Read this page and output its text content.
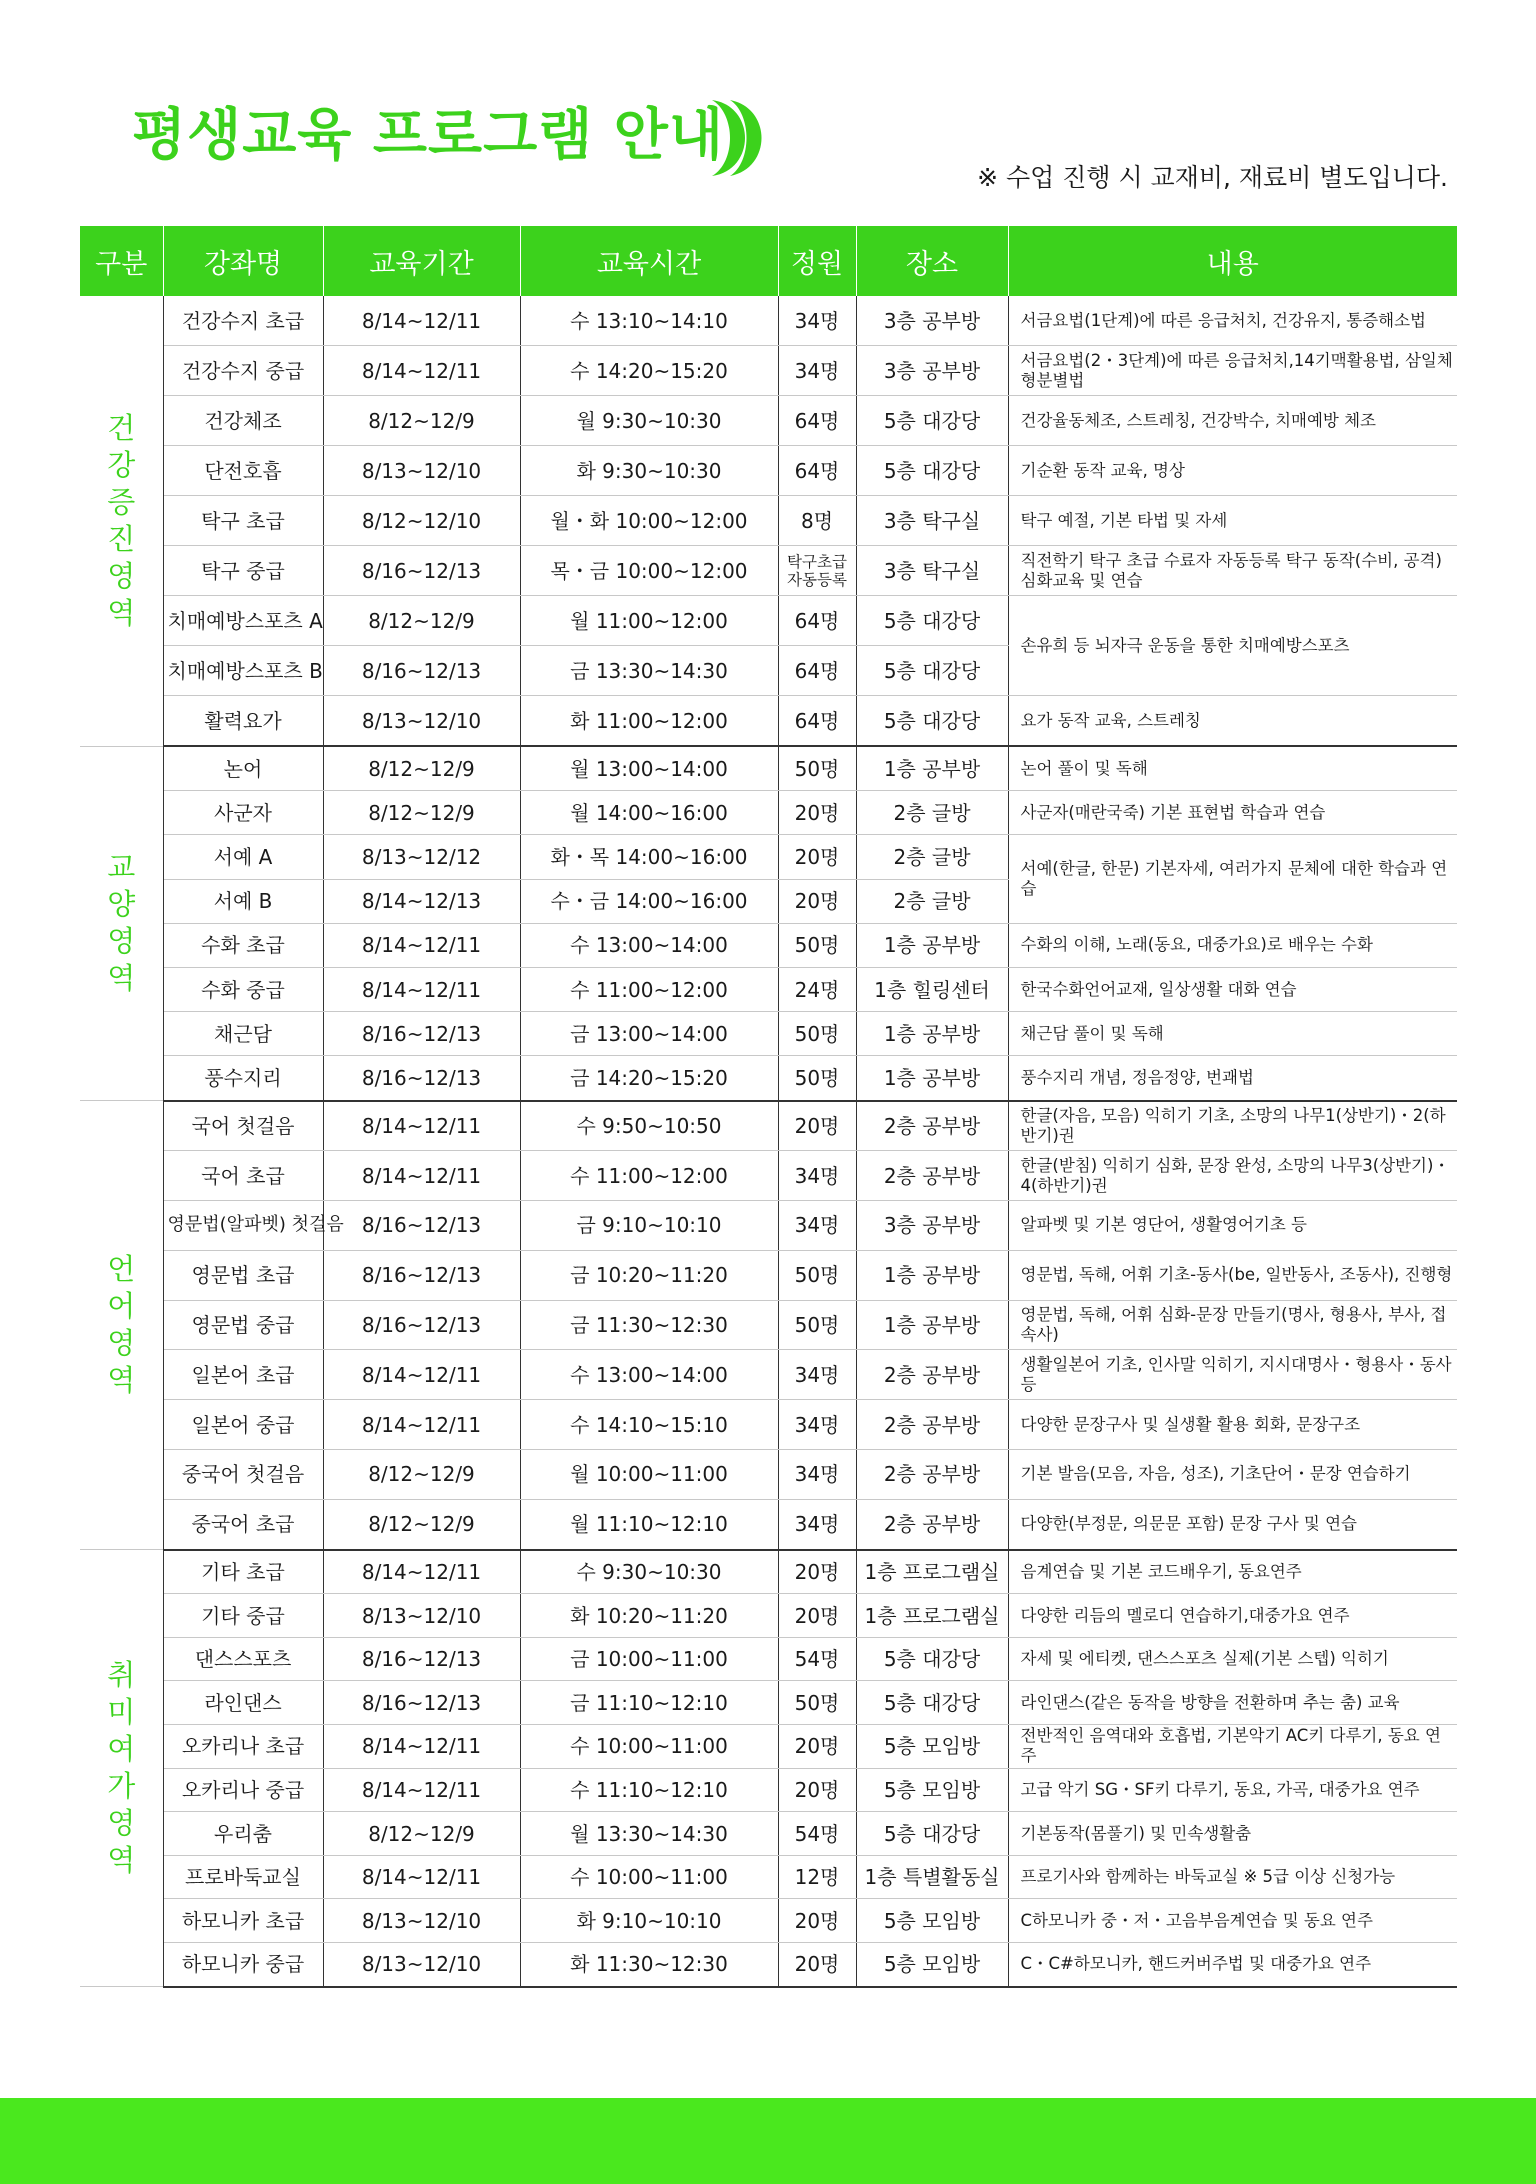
평생교육 프로그램 안내
※ 수업 진행 시 교재비, 재료비 별도입니다.
구분	강좌명	교육기간	교육시간	정원	장소	내용
건강증진영역	건강수지 초급	8/14~12/11	수 13:10~14:10	34명	3층 공부방	서금요법(1단계)에 따른 응급처치, 건강유지, 통증해소법
	건강수지 중급	8/14~12/11	수 14:20~15:20	34명	3층 공부방	서금요법(2・3단계)에 따른 응급처치,14기맥활용법, 삼일체형분별법
	건강체조	8/12~12/9	월 9:30~10:30	64명	5층 대강당	건강율동체조, 스트레칭, 건강박수, 치매예방 체조
	단전호흡	8/13~12/10	화 9:30~10:30	64명	5층 대강당	기순환 동작 교육, 명상
	탁구 초급	8/12~12/10	월・화 10:00~12:00	8명	3층 탁구실	탁구 예절, 기본 타법 및 자세
	탁구 중급	8/16~12/13	목・금 10:00~12:00	탁구초급 자동등록	3층 탁구실	직전학기 탁구 초급 수료자 자동등록 탁구 동작(수비, 공격) 심화교육 및 연습
	치매예방스포츠 A	8/12~12/9	월 11:00~12:00	64명	5층 대강당	손유희 등 뇌자극 운동을 통한 치매예방스포츠
	치매예방스포츠 B	8/16~12/13	금 13:30~14:30	64명	5층 대강당	
	활력요가	8/13~12/10	화 11:00~12:00	64명	5층 대강당	요가 동작 교육, 스트레칭
교양영역	논어	8/12~12/9	월 13:00~14:00	50명	1층 공부방	논어 풀이 및 독해
	사군자	8/12~12/9	월 14:00~16:00	20명	2층 글방	사군자(매란국죽) 기본 표현법 학습과 연습
	서예 A	8/13~12/12	화・목 14:00~16:00	20명	2층 글방	서예(한글, 한문) 기본자세, 여러가지 문체에 대한 학습과 연습
	서예 B	8/14~12/13	수・금 14:00~16:00	20명	2층 글방	
	수화 초급	8/14~12/11	수 13:00~14:00	50명	1층 공부방	수화의 이해, 노래(동요, 대중가요)로 배우는 수화
	수화 중급	8/14~12/11	수 11:00~12:00	24명	1층 힐링센터	한국수화언어교재, 일상생활 대화 연습
	채근담	8/16~12/13	금 13:00~14:00	50명	1층 공부방	채근담 풀이 및 독해
	풍수지리	8/16~12/13	금 14:20~15:20	50명	1층 공부방	풍수지리 개념, 정음정양, 번괘법
언어영역	국어 첫걸음	8/14~12/11	수 9:50~10:50	20명	2층 공부방	한글(자음, 모음) 익히기 기초, 소망의 나무1(상반기)・2(하반기)권
	국어 초급	8/14~12/11	수 11:00~12:00	34명	2층 공부방	한글(받침) 익히기 심화, 문장 완성, 소망의 나무3(상반기)・4(하반기)권
	영문법(알파벳) 첫걸음	8/16~12/13	금 9:10~10:10	34명	3층 공부방	알파벳 및 기본 영단어, 생활영어기초 등
	영문법 초급	8/16~12/13	금 10:20~11:20	50명	1층 공부방	영문법, 독해, 어휘 기초-동사(be, 일반동사, 조동사), 진행형
	영문법 중급	8/16~12/13	금 11:30~12:30	50명	1층 공부방	영문법, 독해, 어휘 심화-문장 만들기(명사, 형용사, 부사, 접속사)
	일본어 초급	8/14~12/11	수 13:00~14:00	34명	2층 공부방	생활일본어 기초, 인사말 익히기, 지시대명사・형용사・동사 등
	일본어 중급	8/14~12/11	수 14:10~15:10	34명	2층 공부방	다양한 문장구사 및 실생활 활용 회화, 문장구조
	중국어 첫걸음	8/12~12/9	월 10:00~11:00	34명	2층 공부방	기본 발음(모음, 자음, 성조), 기초단어・문장 연습하기
	중국어 초급	8/12~12/9	월 11:10~12:10	34명	2층 공부방	다양한(부정문, 의문문 포함) 문장 구사 및 연습
취미여가영역	기타 초급	8/14~12/11	수 9:30~10:30	20명	1층 프로그램실	음계연습 및 기본 코드배우기, 동요연주
	기타 중급	8/13~12/10	화 10:20~11:20	20명	1층 프로그램실	다양한 리듬의 멜로디 연습하기,대중가요 연주
	댄스스포츠	8/16~12/13	금 10:00~11:00	54명	5층 대강당	자세 및 에티켓, 댄스스포츠 실제(기본 스텝) 익히기
	라인댄스	8/16~12/13	금 11:10~12:10	50명	5층 대강당	라인댄스(같은 동작을 방향을 전환하며 추는 춤) 교육
	오카리나 초급	8/14~12/11	수 10:00~11:00	20명	5층 모임방	전반적인 음역대와 호흡법, 기본악기 AC키 다루기, 동요 연주
	오카리나 중급	8/14~12/11	수 11:10~12:10	20명	5층 모임방	고급 악기 SG・SF키 다루기, 동요, 가곡, 대중가요 연주
	우리춤	8/12~12/9	월 13:30~14:30	54명	5층 대강당	기본동작(몸풀기) 및 민속생활춤
	프로바둑교실	8/14~12/11	수 10:00~11:00	12명	1층 특별활동실	프로기사와 함께하는 바둑교실 ※ 5급 이상 신청가능
	하모니카 초급	8/13~12/10	화 9:10~10:10	20명	5층 모임방	C하모니카 중・저・고음부음계연습 및 동요 연주
	하모니카 중급	8/13~12/10	화 11:30~12:30	20명	5층 모임방	C・C#하모니카, 핸드커버주법 및 대중가요 연주
